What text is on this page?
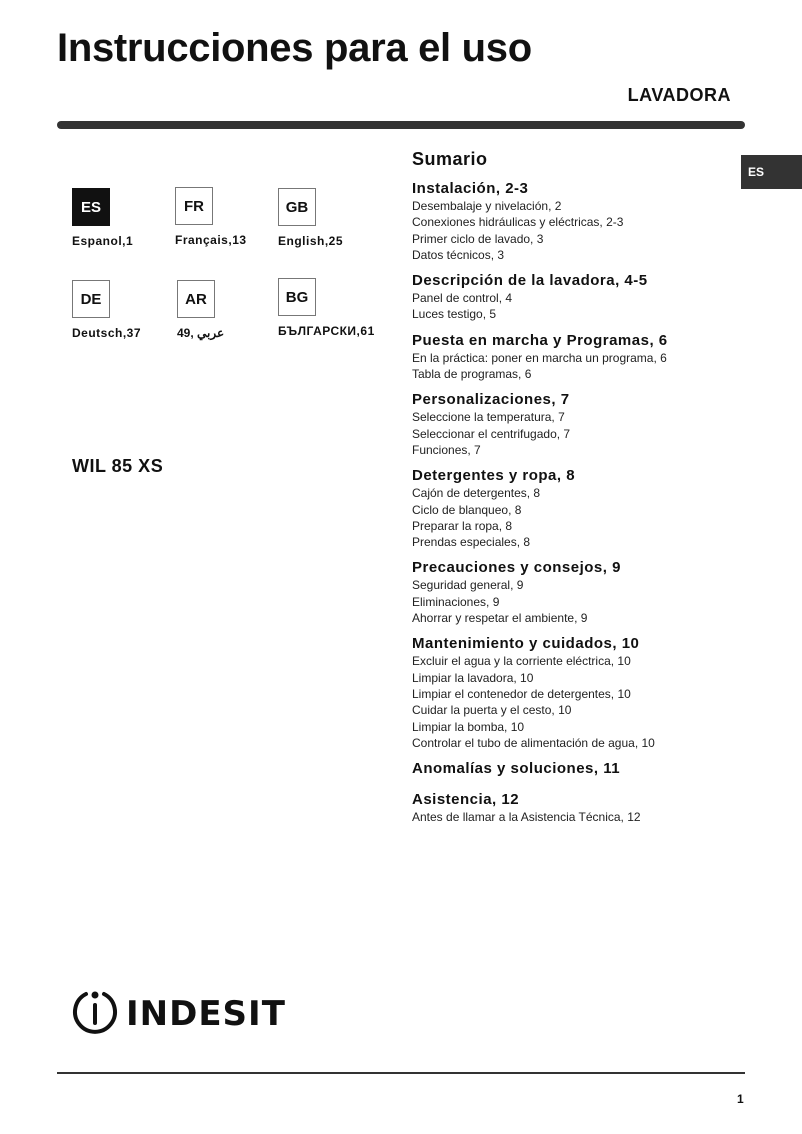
Instrucciones para el uso
LAVADORA
ES
ES
Espanol,1
FR
Français,13
GB
English,25
DE
Deutsch,37
AR
عربي ,49
BG
БЪЛГАРСКИ,61
WIL 85 XS
Sumario
Instalación, 2-3
Desembalaje y nivelación, 2
Conexiones hidráulicas y eléctricas, 2-3
Primer ciclo de lavado, 3
Datos técnicos, 3
Descripción de la lavadora, 4-5
Panel de control, 4
Luces testigo, 5
Puesta en marcha y Programas, 6
En la práctica: poner en marcha un programa, 6
Tabla de programas, 6
Personalizaciones, 7
Seleccione la temperatura, 7
Seleccionar el centrifugado, 7
Funciones, 7
Detergentes y ropa, 8
Cajón de detergentes, 8
Ciclo de blanqueo, 8
Preparar la ropa, 8
Prendas especiales, 8
Precauciones y consejos, 9
Seguridad general, 9
Eliminaciones, 9
Ahorrar y respetar el ambiente, 9
Mantenimiento y cuidados, 10
Excluir el agua y la corriente eléctrica, 10
Limpiar la lavadora, 10
Limpiar el contenedor de detergentes, 10
Cuidar la puerta y el cesto, 10
Limpiar la bomba, 10
Controlar el tubo de alimentación de agua, 10
Anomalías y soluciones, 11
Asistencia, 12
Antes de llamar a la Asistencia Técnica, 12
INDESIT
1
